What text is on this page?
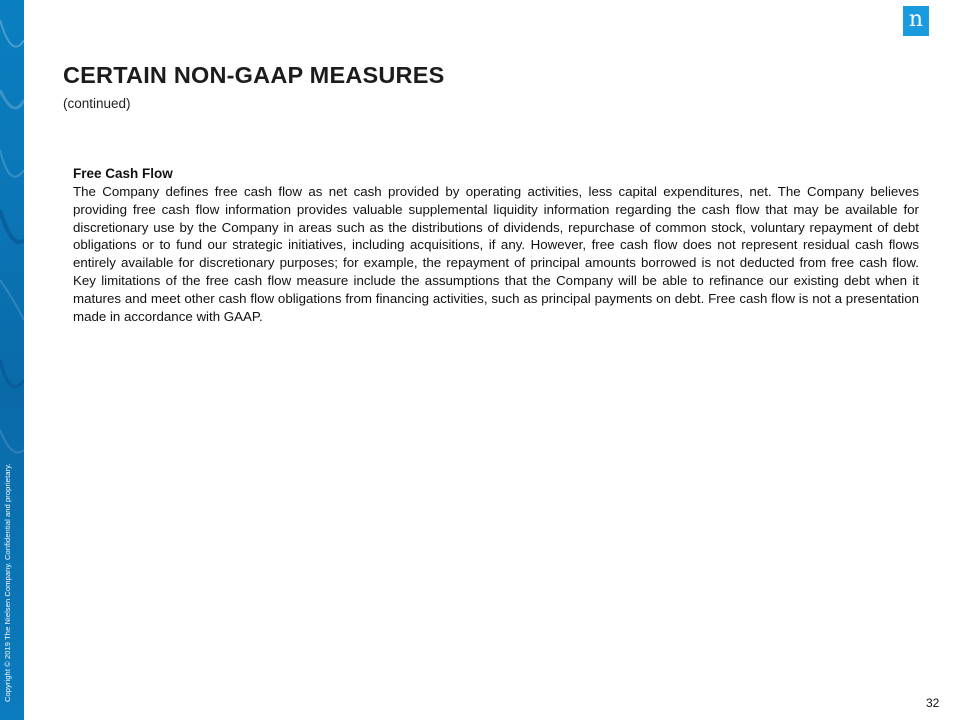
Copyright © 2019 The Nielsen Company. Confidential and proprietary.
n
CERTAIN NON-GAAP MEASURES
(continued)
Free Cash Flow

The Company defines free cash flow as net cash provided by operating activities, less capital expenditures, net. The Company believes providing free cash flow information provides valuable supplemental liquidity information regarding the cash flow that may be available for discretionary use by the Company in areas such as the distributions of dividends, repurchase of common stock, voluntary repayment of debt obligations or to fund our strategic initiatives, including acquisitions, if any. However, free cash flow does not represent residual cash flows entirely available for discretionary purposes; for example, the repayment of principal amounts borrowed is not deducted from free cash flow. Key limitations of the free cash flow measure include the assumptions that the Company will be able to refinance our existing debt when it matures and meet other cash flow obligations from financing activities, such as principal payments on debt. Free cash flow is not a presentation made in accordance with GAAP.

32
